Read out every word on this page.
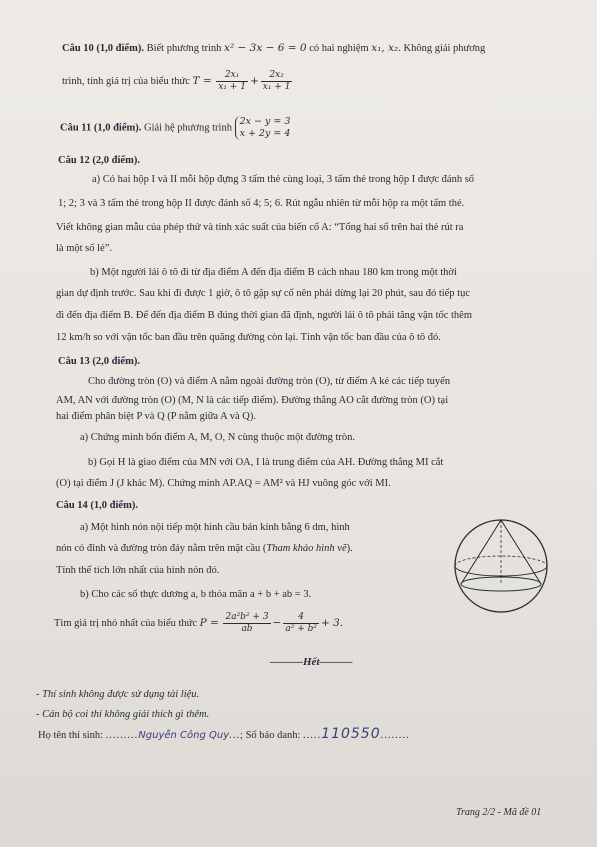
Câu 10 (1,0 điểm). Biết phương trình x² − 3x − 6 = 0 có hai nghiệm x₁, x₂. Không giải phương
trình, tính giá trị của biểu thức $T = \frac{\text{2x₁}}{\text{x₁ + 1}} + \frac{\text{2x₂}}{\text{x₁ + 1}}$
Câu 11 (1,0 điểm). Giải hệ phương trình
2x − y = 3
x + 2y = 4
Câu 12 (2,0 điểm).
a) Có hai hộp I và II mỗi hộp đựng 3 tấm thẻ cùng loại, 3 tấm thẻ trong hộp I được đánh số
1; 2; 3 và 3 tấm thẻ trong hộp II được đánh số 4; 5; 6. Rút ngẫu nhiên từ mỗi hộp ra một tấm thẻ.
Viết không gian mẫu của phép thử và tính xác suất của biến cố A: “Tổng hai số trên hai thẻ rút ra
là một số lẻ”.
b) Một người lái ô tô đi từ địa điểm A đến địa điểm B cách nhau 180 km trong một thời
gian dự định trước. Sau khi đi được 1 giờ, ô tô gặp sự cố nên phải dừng lại 20 phút, sau đó tiếp tục
đi đến địa điểm B. Để đến địa điểm B đúng thời gian đã định, người lái ô tô phải tăng vận tốc thêm
12 km/h so với vận tốc ban đầu trên quãng đường còn lại. Tính vận tốc ban đầu của ô tô đó.
Câu 13 (2,0 điểm).
Cho đường tròn (O) và điểm A nằm ngoài đường tròn (O), từ điểm A kẻ các tiếp tuyến
AM, AN với đường tròn (O) (M, N là các tiếp điểm). Đường thẳng AO cắt đường tròn (O) tại
hai điểm phân biệt P và Q (P nằm giữa A và Q).
a) Chứng minh bốn điểm A, M, O, N cùng thuộc một đường tròn.
b) Gọi H là giao điểm của MN với OA, I là trung điểm của AH. Đường thẳng MI cắt
(O) tại điểm J (J khác M). Chứng minh AP.AQ = AM² và HJ vuông góc với MI.
Câu 14 (1,0 điểm).
a) Một hình nón nội tiếp một hình cầu bán kính bằng 6 dm, hình
nón có đỉnh và đường tròn đáy nằm trên mặt cầu (Tham khảo hình vẽ).
Tính thể tích lớn nhất của hình nón đó.
b) Cho các số thực dương a, b thỏa mãn a + b + ab = 3.
Tìm giá trị nhỏ nhất của biểu thức $P = \frac{\text{2a²b² + 3}}{ab} - \frac{4}{\text{a² + b²}} + 3$.
———Hết———
- Thí sinh không được sử dụng tài liệu.
- Cán bộ coi thi không giải thích gì thêm.
Họ tên thí sinh: .........Nguyễn Công Quy...; Số báo danh: .....110550........
Trang 2/2 - Mã đề 01
